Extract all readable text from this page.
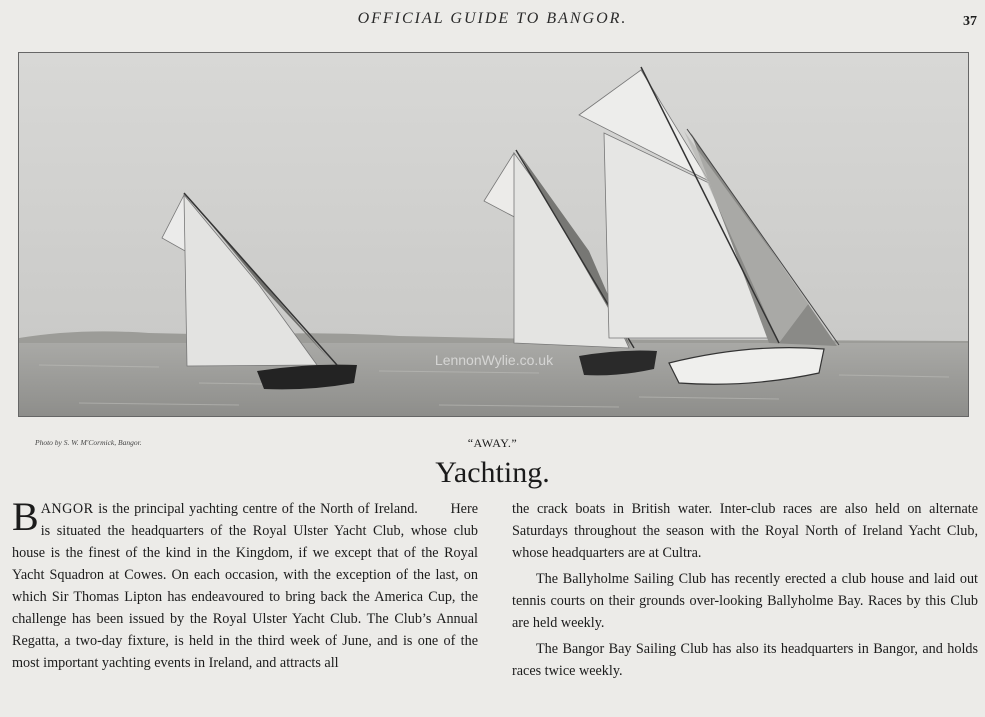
OFFICIAL GUIDE TO BANGOR.	37
LennonWylie.co.uk
Photo by S. W. M'Cormick, Bangor.	“AWAY.”
Yachting.

BANGOR is the principal yachting centre of the North of Ireland. Here is situated the headquarters of the Royal Ulster Yacht Club, whose club house is the finest of the kind in the Kingdom, if we except that of the Royal Yacht Squadron at Cowes. On each occasion, with the exception of the last, on which Sir Thomas Lipton has endeavoured to bring back the America Cup, the challenge has been issued by the Royal Ulster Yacht Club. The Club’s Annual Regatta, a two-day fixture, is held in the third week of June, and is one of the most important yachting events in Ireland, and attracts all

the crack boats in British water. Inter-club races are also held on alternate Saturdays throughout the season with the Royal North of Ireland Yacht Club, whose headquarters are at Cultra.

The Ballyholme Sailing Club has recently erected a club house and laid out tennis courts on their grounds over-looking Ballyholme Bay. Races by this Club are held weekly.

The Bangor Bay Sailing Club has also its headquarters in Bangor, and holds races twice weekly.
